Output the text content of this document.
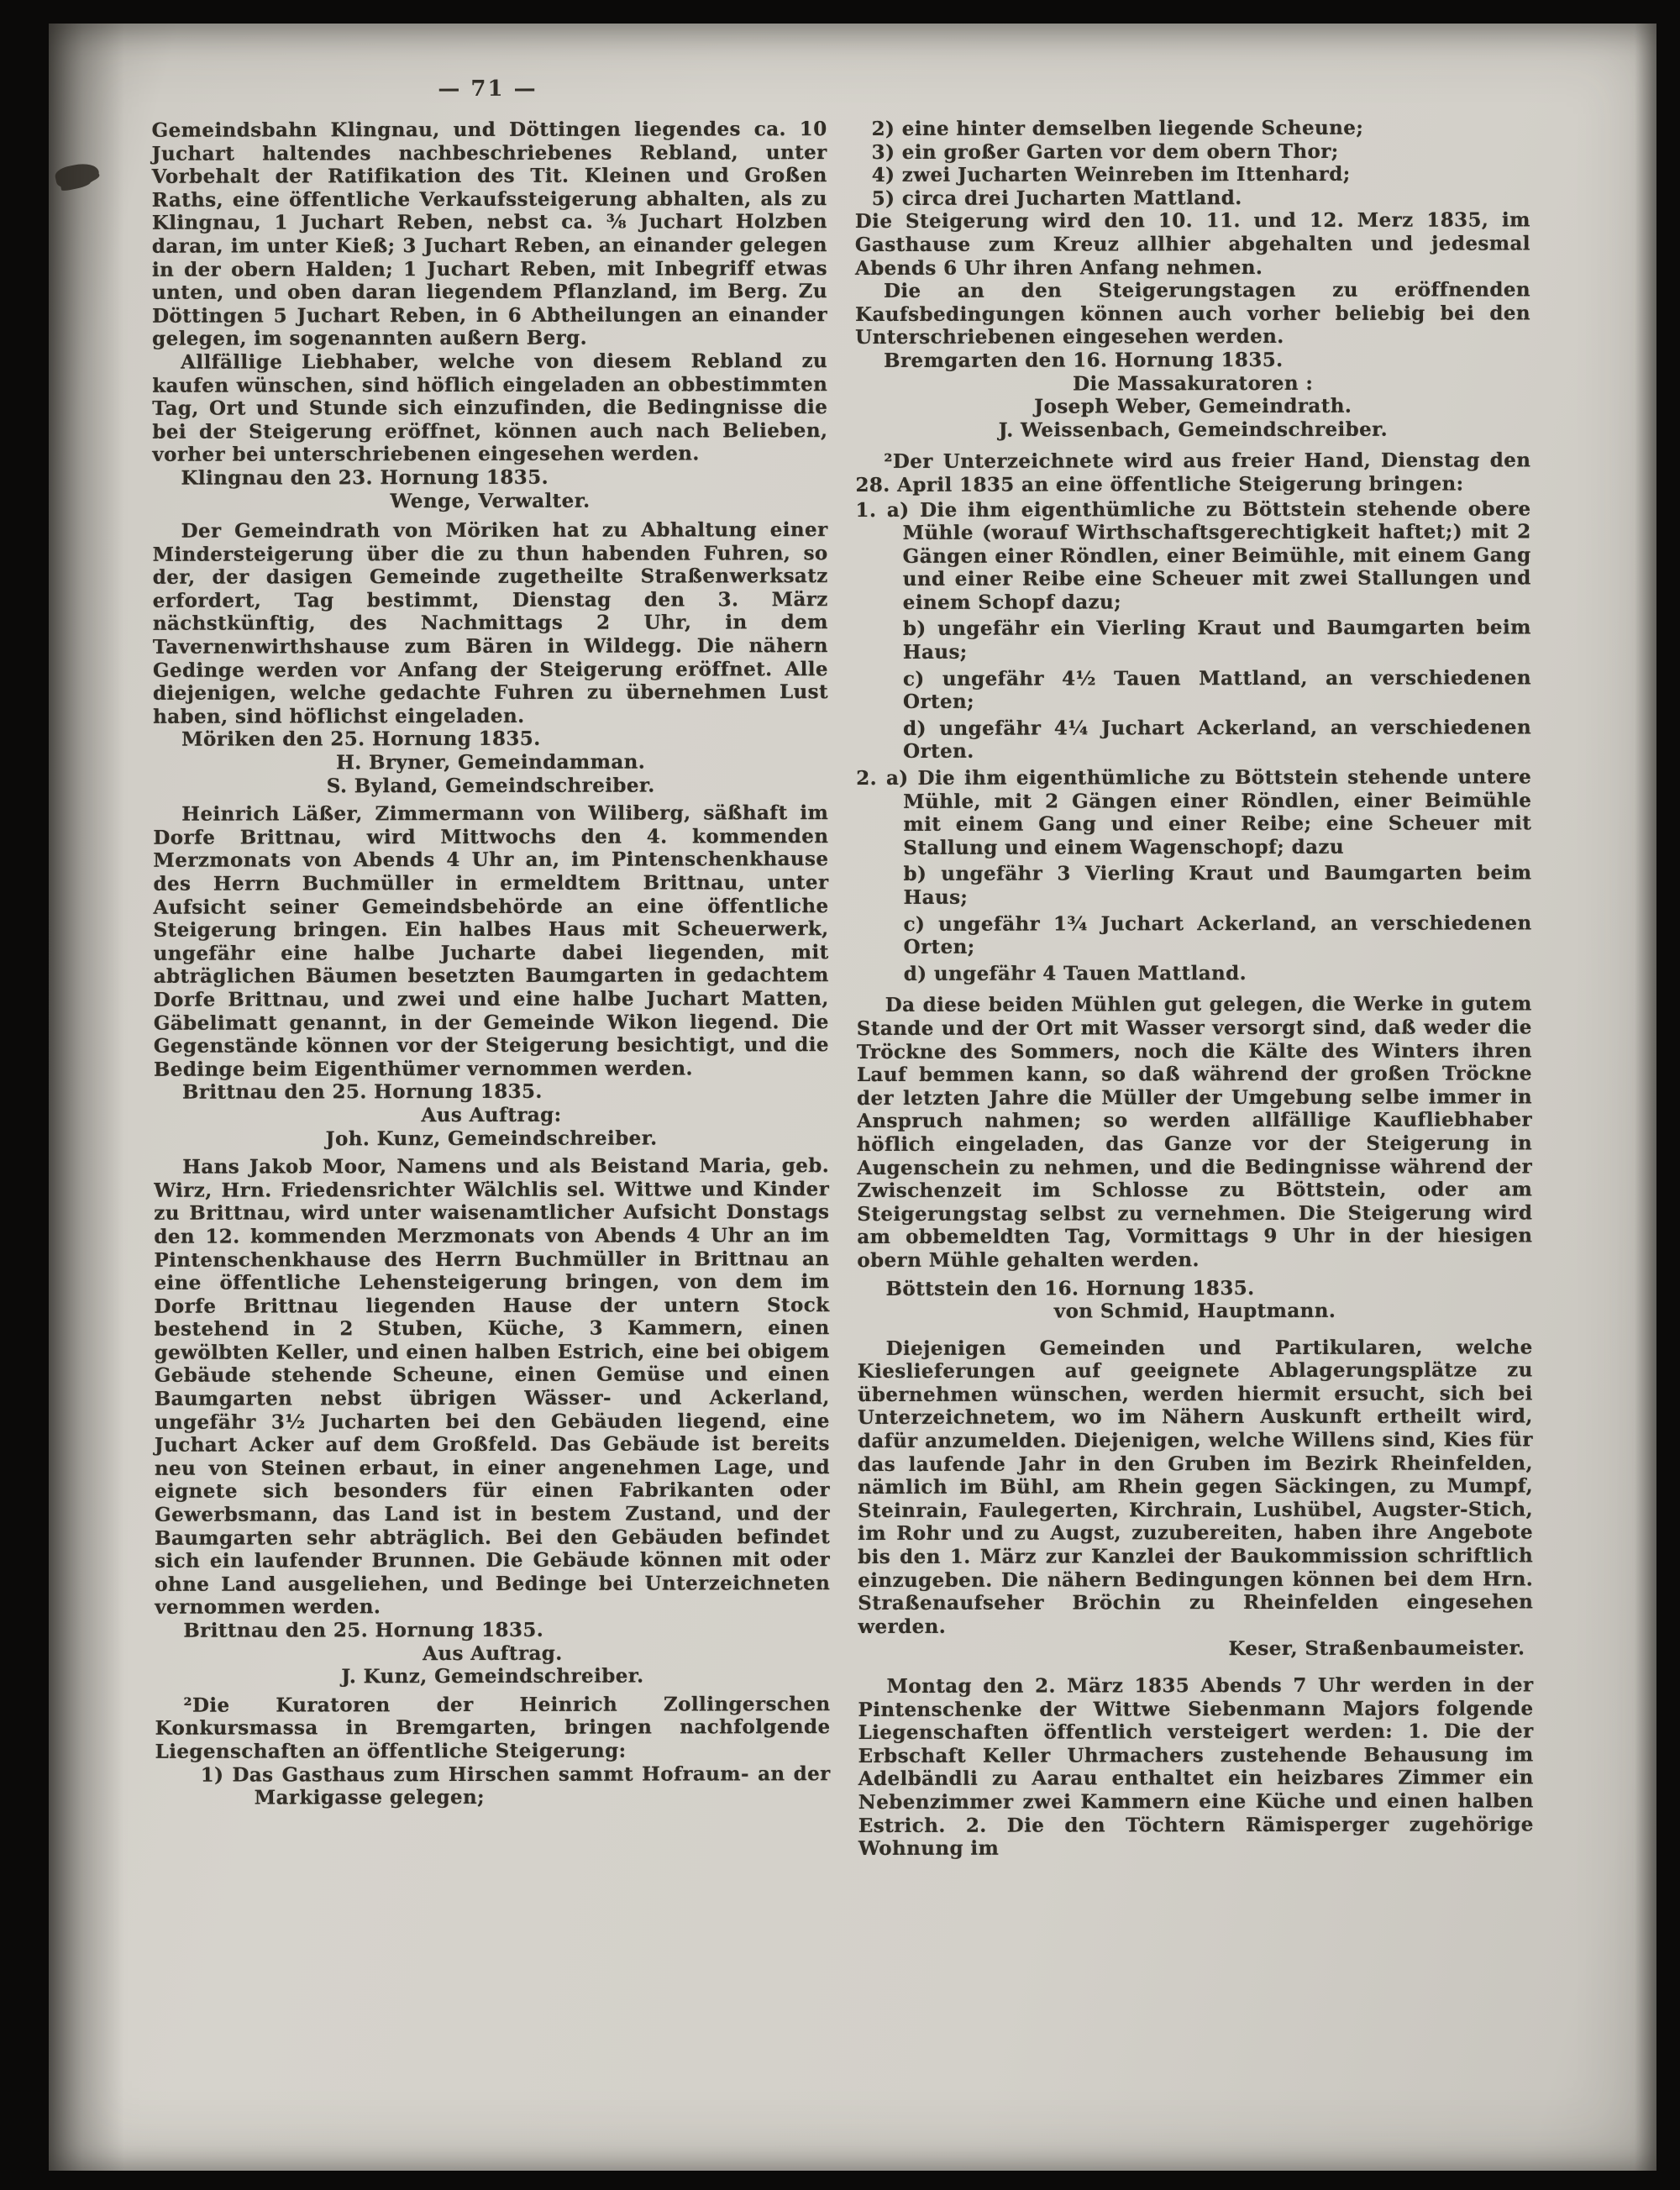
— 71 —

Gemeindsbahn Klingnau, und Döttingen liegendes ca. 10 Juchart haltendes nachbeschriebenes Rebland, unter Vorbehalt der Ratifikation des Tit. Kleinen und Großen Raths, eine öffentliche Verkaufssteigerung abhalten, als zu Klingnau, 1 Juchart Reben, nebst ca. ⅜ Juchart Holzben daran, im unter Kieß; 3 Juchart Reben, an einander gelegen in der obern Halden; 1 Juchart Reben, mit Inbegriff etwas unten, und oben daran liegendem Pflanzland, im Berg. Zu Döttingen 5 Juchart Reben, in 6 Abtheilungen an einander gelegen, im sogenannten außern Berg.

Allfällige Liebhaber, welche von diesem Rebland zu kaufen wünschen, sind höflich eingeladen an obbestimmten Tag, Ort und Stunde sich einzufinden, die Bedingnisse die bei der Steigerung eröffnet, können auch nach Belieben, vorher bei unterschriebenen eingesehen werden.

Klingnau den 23. Hornung 1835.

Wenge, Verwalter.

Der Gemeindrath von Möriken hat zu Abhaltung einer Mindersteigerung über die zu thun habenden Fuhren, so der, der dasigen Gemeinde zugetheilte Straßenwerksatz erfordert, Tag bestimmt, Dienstag den 3. März nächstkünftig, des Nachmittags 2 Uhr, in dem Tavernenwirthshause zum Bären in Wildegg. Die nähern Gedinge werden vor Anfang der Steigerung eröffnet. Alle diejenigen, welche gedachte Fuhren zu übernehmen Lust haben, sind höflichst eingeladen.

Möriken den 25. Hornung 1835.

H. Bryner, Gemeindamman.

S. Byland, Gemeindschreiber.

Heinrich Läßer, Zimmermann von Wiliberg, säßhaft im Dorfe Brittnau, wird Mittwochs den 4. kommenden Merzmonats von Abends 4 Uhr an, im Pintenschenkhause des Herrn Buchmüller in ermeldtem Brittnau, unter Aufsicht seiner Gemeindsbehörde an eine öffentliche Steigerung bringen. Ein halbes Haus mit Scheuerwerk, ungefähr eine halbe Jucharte dabei liegenden, mit abträglichen Bäumen besetzten Baumgarten in gedachtem Dorfe Brittnau, und zwei und eine halbe Juchart Matten, Gäbelimatt genannt, in der Gemeinde Wikon liegend. Die Gegenstände können vor der Steigerung besichtigt, und die Bedinge beim Eigenthümer vernommen werden.

Brittnau den 25. Hornung 1835.

Aus Auftrag:

Joh. Kunz, Gemeindschreiber.

Hans Jakob Moor, Namens und als Beistand Maria, geb. Wirz, Hrn. Friedensrichter Wälchlis sel. Wittwe und Kinder zu Brittnau, wird unter waisenamtlicher Aufsicht Donstags den 12. kommenden Merzmonats von Abends 4 Uhr an im Pintenschenkhause des Herrn Buchmüller in Brittnau an eine öffentliche Lehensteigerung bringen, von dem im Dorfe Brittnau liegenden Hause der untern Stock bestehend in 2 Stuben, Küche, 3 Kammern, einen gewölbten Keller, und einen halben Estrich, eine bei obigem Gebäude stehende Scheune, einen Gemüse und einen Baumgarten nebst übrigen Wässer- und Ackerland, ungefähr 3½ Jucharten bei den Gebäuden liegend, eine Juchart Acker auf dem Großfeld. Das Gebäude ist bereits neu von Steinen erbaut, in einer angenehmen Lage, und eignete sich besonders für einen Fabrikanten oder Gewerbsmann, das Land ist in bestem Zustand, und der Baumgarten sehr abträglich. Bei den Gebäuden befindet sich ein laufender Brunnen. Die Gebäude können mit oder ohne Land ausgeliehen, und Bedinge bei Unterzeichneten vernommen werden.

Brittnau den 25. Hornung 1835.

Aus Auftrag.

J. Kunz, Gemeindschreiber.

²Die Kuratoren der Heinrich Zollingerschen Konkursmassa in Bremgarten, bringen nachfolgende Liegenschaften an öffentliche Steigerung:

1) Das Gasthaus zum Hirschen sammt Hofraum- an der Markigasse gelegen;

2) eine hinter demselben liegende Scheune;

3) ein großer Garten vor dem obern Thor;

4) zwei Jucharten Weinreben im Ittenhard;

5) circa drei Jucharten Mattland.

Die Steigerung wird den 10. 11. und 12. Merz 1835, im Gasthause zum Kreuz allhier abgehalten und jedesmal Abends 6 Uhr ihren Anfang nehmen.

Die an den Steigerungstagen zu eröffnenden Kaufsbedingungen können auch vorher beliebig bei den Unterschriebenen eingesehen werden.

Bremgarten den 16. Hornung 1835.

Die Massakuratoren :

Joseph Weber, Gemeindrath.

J. Weissenbach, Gemeindschreiber.

²Der Unterzeichnete wird aus freier Hand, Dienstag den 28. April 1835 an eine öffentliche Steigerung bringen:

1. a) Die ihm eigenthümliche zu Böttstein stehende obere Mühle (worauf Wirthschaftsgerechtigkeit haftet;) mit 2 Gängen einer Röndlen, einer Beimühle, mit einem Gang und einer Reibe eine Scheuer mit zwei Stallungen und einem Schopf dazu;

b) ungefähr ein Vierling Kraut und Baumgarten beim Haus;

c) ungefähr 4½ Tauen Mattland, an verschiedenen Orten;

d) ungefähr 4¼ Juchart Ackerland, an verschiedenen Orten.

2. a) Die ihm eigenthümliche zu Böttstein stehende untere Mühle, mit 2 Gängen einer Röndlen, einer Beimühle mit einem Gang und einer Reibe; eine Scheuer mit Stallung und einem Wagenschopf; dazu

b) ungefähr 3 Vierling Kraut und Baumgarten beim Haus;

c) ungefähr 1¾ Juchart Ackerland, an verschiedenen Orten;

d) ungefähr 4 Tauen Mattland.

Da diese beiden Mühlen gut gelegen, die Werke in gutem Stande und der Ort mit Wasser versorgt sind, daß weder die Tröckne des Sommers, noch die Kälte des Winters ihren Lauf bemmen kann, so daß während der großen Tröckne der letzten Jahre die Müller der Umgebung selbe immer in Anspruch nahmen; so werden allfällige Kaufliebhaber höflich eingeladen, das Ganze vor der Steigerung in Augenschein zu nehmen, und die Bedingnisse während der Zwischenzeit im Schlosse zu Böttstein, oder am Steigerungstag selbst zu vernehmen. Die Steigerung wird am obbemeldten Tag, Vormittags 9 Uhr in der hiesigen obern Mühle gehalten werden.

Böttstein den 16. Hornung 1835.

von Schmid, Hauptmann.

Diejenigen Gemeinden und Partikularen, welche Kieslieferungen auf geeignete Ablagerungsplätze zu übernehmen wünschen, werden hiermit ersucht, sich bei Unterzeichnetem, wo im Nähern Auskunft ertheilt wird, dafür anzumelden. Diejenigen, welche Willens sind, Kies für das laufende Jahr in den Gruben im Bezirk Rheinfelden, nämlich im Bühl, am Rhein gegen Säckingen, zu Mumpf, Steinrain, Faulegerten, Kirchrain, Lushübel, Augster-Stich, im Rohr und zu Augst, zuzubereiten, haben ihre Angebote bis den 1. März zur Kanzlei der Baukommission schriftlich einzugeben. Die nähern Bedingungen können bei dem Hrn. Straßenaufseher Bröchin zu Rheinfelden eingesehen werden.

Keser, Straßenbaumeister.

Montag den 2. März 1835 Abends 7 Uhr werden in der Pintenschenke der Wittwe Siebenmann Majors folgende Liegenschaften öffentlich versteigert werden: 1. Die der Erbschaft Keller Uhrmachers zustehende Behausung im Adelbändli zu Aarau enthaltet ein heizbares Zimmer ein Nebenzimmer zwei Kammern eine Küche und einen halben Estrich. 2. Die den Töchtern Rämisperger zugehörige Wohnung im
